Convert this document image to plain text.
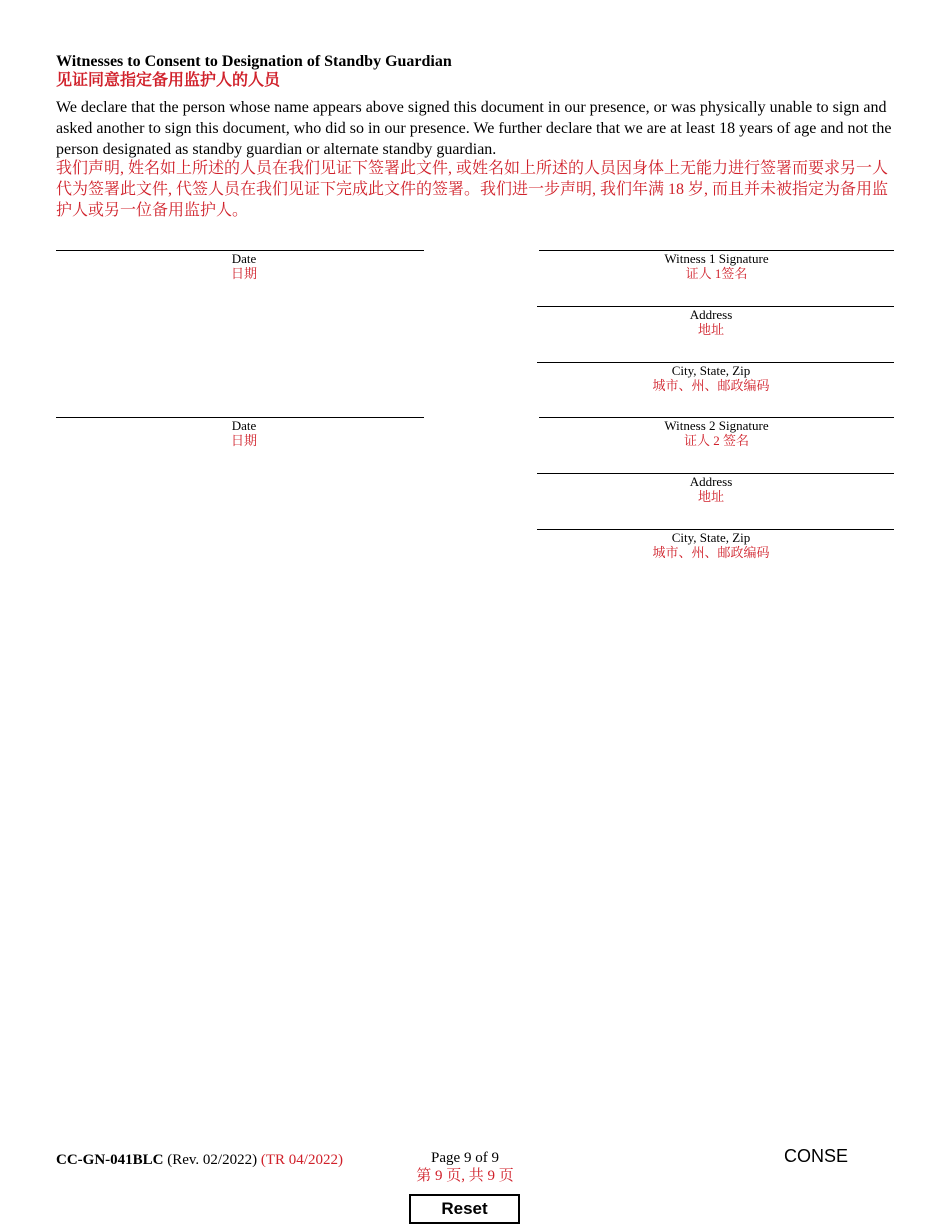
Witnesses to Consent to Designation of Standby Guardian
见证同意指定备用监护人的人员
We declare that the person whose name appears above signed this document in our presence, or was physically unable to sign and asked another to sign this document, who did so in our presence. We further declare that we are at least 18 years of age and not the person designated as standby guardian or alternate standby guardian.
我们声明, 姓名如上所述的人员在我们见证下签署此文件, 或姓名如上所述的人员因身体上无能力进行签署而要求另一人代为签署此文件, 代签人员在我们见证下完成此文件的签署。我们进一步声明, 我们年满 18 岁, 而且并未被指定为备用监护人或另一位备用监护人。
Date
日期
Witness 1 Signature
证人 1签名
Address
地址
City, State, Zip
城市、州、邮政编码
Date
日期
Witness 2 Signature
证人 2 签名
Address
地址
City, State, Zip
城市、州、邮政编码
CC-GN-041BLC (Rev. 02/2022) (TR 04/2022)	Page 9 of 9
第 9 页, 共 9 页
CONSE
Reset
